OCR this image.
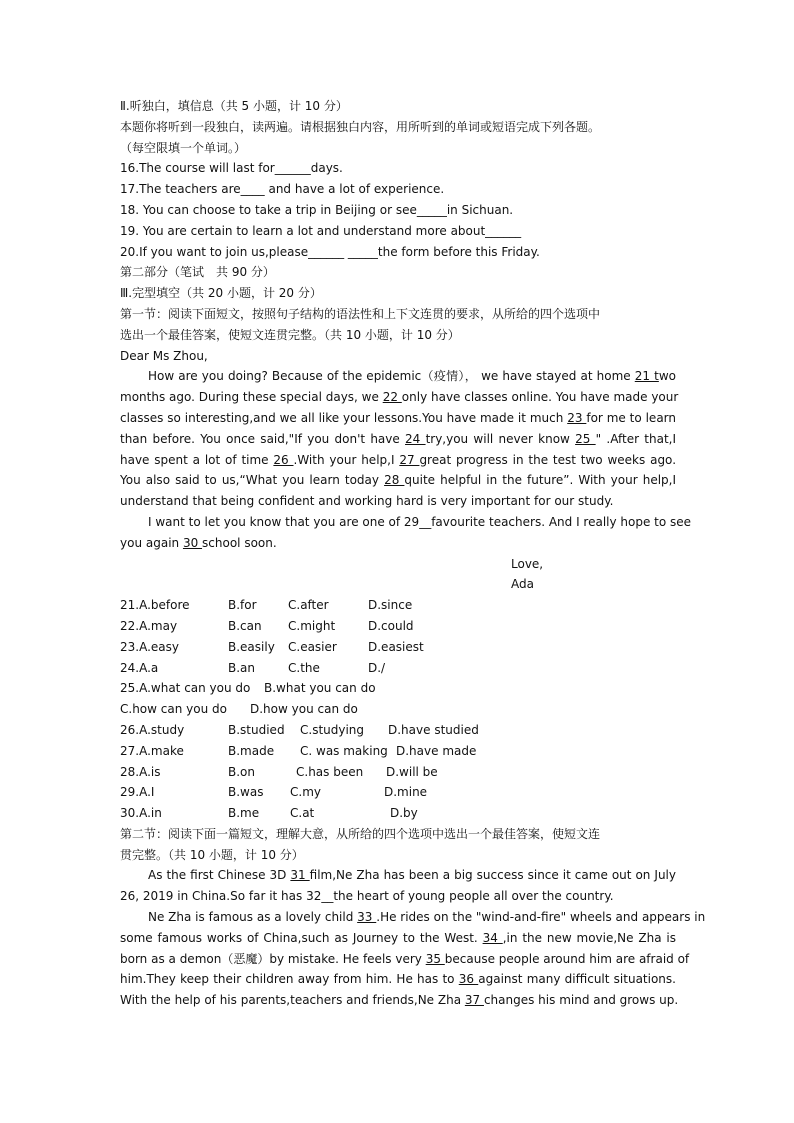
Ⅱ.听独白，填信息（共 5 小题，计 10 分）
本题你将听到一段独白，读两遍。请根据独白内容，用所听到的单词或短语完成下列各题。
（每空限填一个单词。）
16.The course will last for______days.
17.The teachers are____ and have a lot of experience.
18. You can choose to take a trip in Beijing or see_____in Sichuan.
19. You are certain to learn a lot and understand more about______
20.If you want to join us,please______ _____the form before this Friday.
第二部分（笔试　共 90 分）
Ⅲ.完型填空（共 20 小题，计 20 分）
第一节：阅读下面短文，按照句子结构的语法性和上下文连贯的要求，从所给的四个选项中
选出一个最佳答案，使短文连贯完整。（共 10 小题，计 10 分）
Dear Ms Zhou,
How are you doing? Because of the epidemic（疫情）， we have stayed at home 21 two
months ago. During these special days, we 22 only have classes online. You have made your
classes so interesting,and we all like your lessons.You have made it much 23 for me to learn
than before. You once said,"If you don't have 24 try,you will never know 25 " .After that,I
have spent a lot of time 26 .With your help,I 27 great progress in the test two weeks ago.
You also said to us,“What you learn today 28 quite helpful in the future”. With your help,I
understand that being confident and working hard is very important for our study.
I want to let you know that you are one of 29__favourite teachers. And I really hope to see
you again 30 school soon.
Love,
Ada
21.A.before	B.for	C.after	D.since
22.A.may	B.can	C.might	D.could
23.A.easy	B.easily	C.easier	D.easiest
24.A.a	B.an	C.the	D./
25.A.what can you do	B.what you can do
C.how can you do	D.how you can do
26.A.study	B.studied	C.studying	D.have studied
27.A.make	B.made	C. was making D.have made
28.A.is	B.on	C.has been	D.will be
29.A.I	B.was	C.my	D.mine
30.A.in	B.me	C.at	D.by
第二节：阅读下面一篇短文，理解大意，从所给的四个选项中选出一个最佳答案，使短文连
贯完整。（共 10 小题，计 10 分）
As the first Chinese 3D 31 film,Ne Zha has been a big success since it came out on July
26, 2019 in China.So far it has 32__the heart of young people all over the country.
Ne Zha is famous as a lovely child 33 .He rides on the "wind-and-fire" wheels and appears in
some famous works of China,such as Journey to the West. 34 ,in the new movie,Ne Zha is
born as a demon（恶魔）by mistake. He feels very 35 because people around him are afraid of
him.They keep their children away from him. He has to 36 against many difficult situations.
With the help of his parents,teachers and friends,Ne Zha 37 changes his mind and grows up.
